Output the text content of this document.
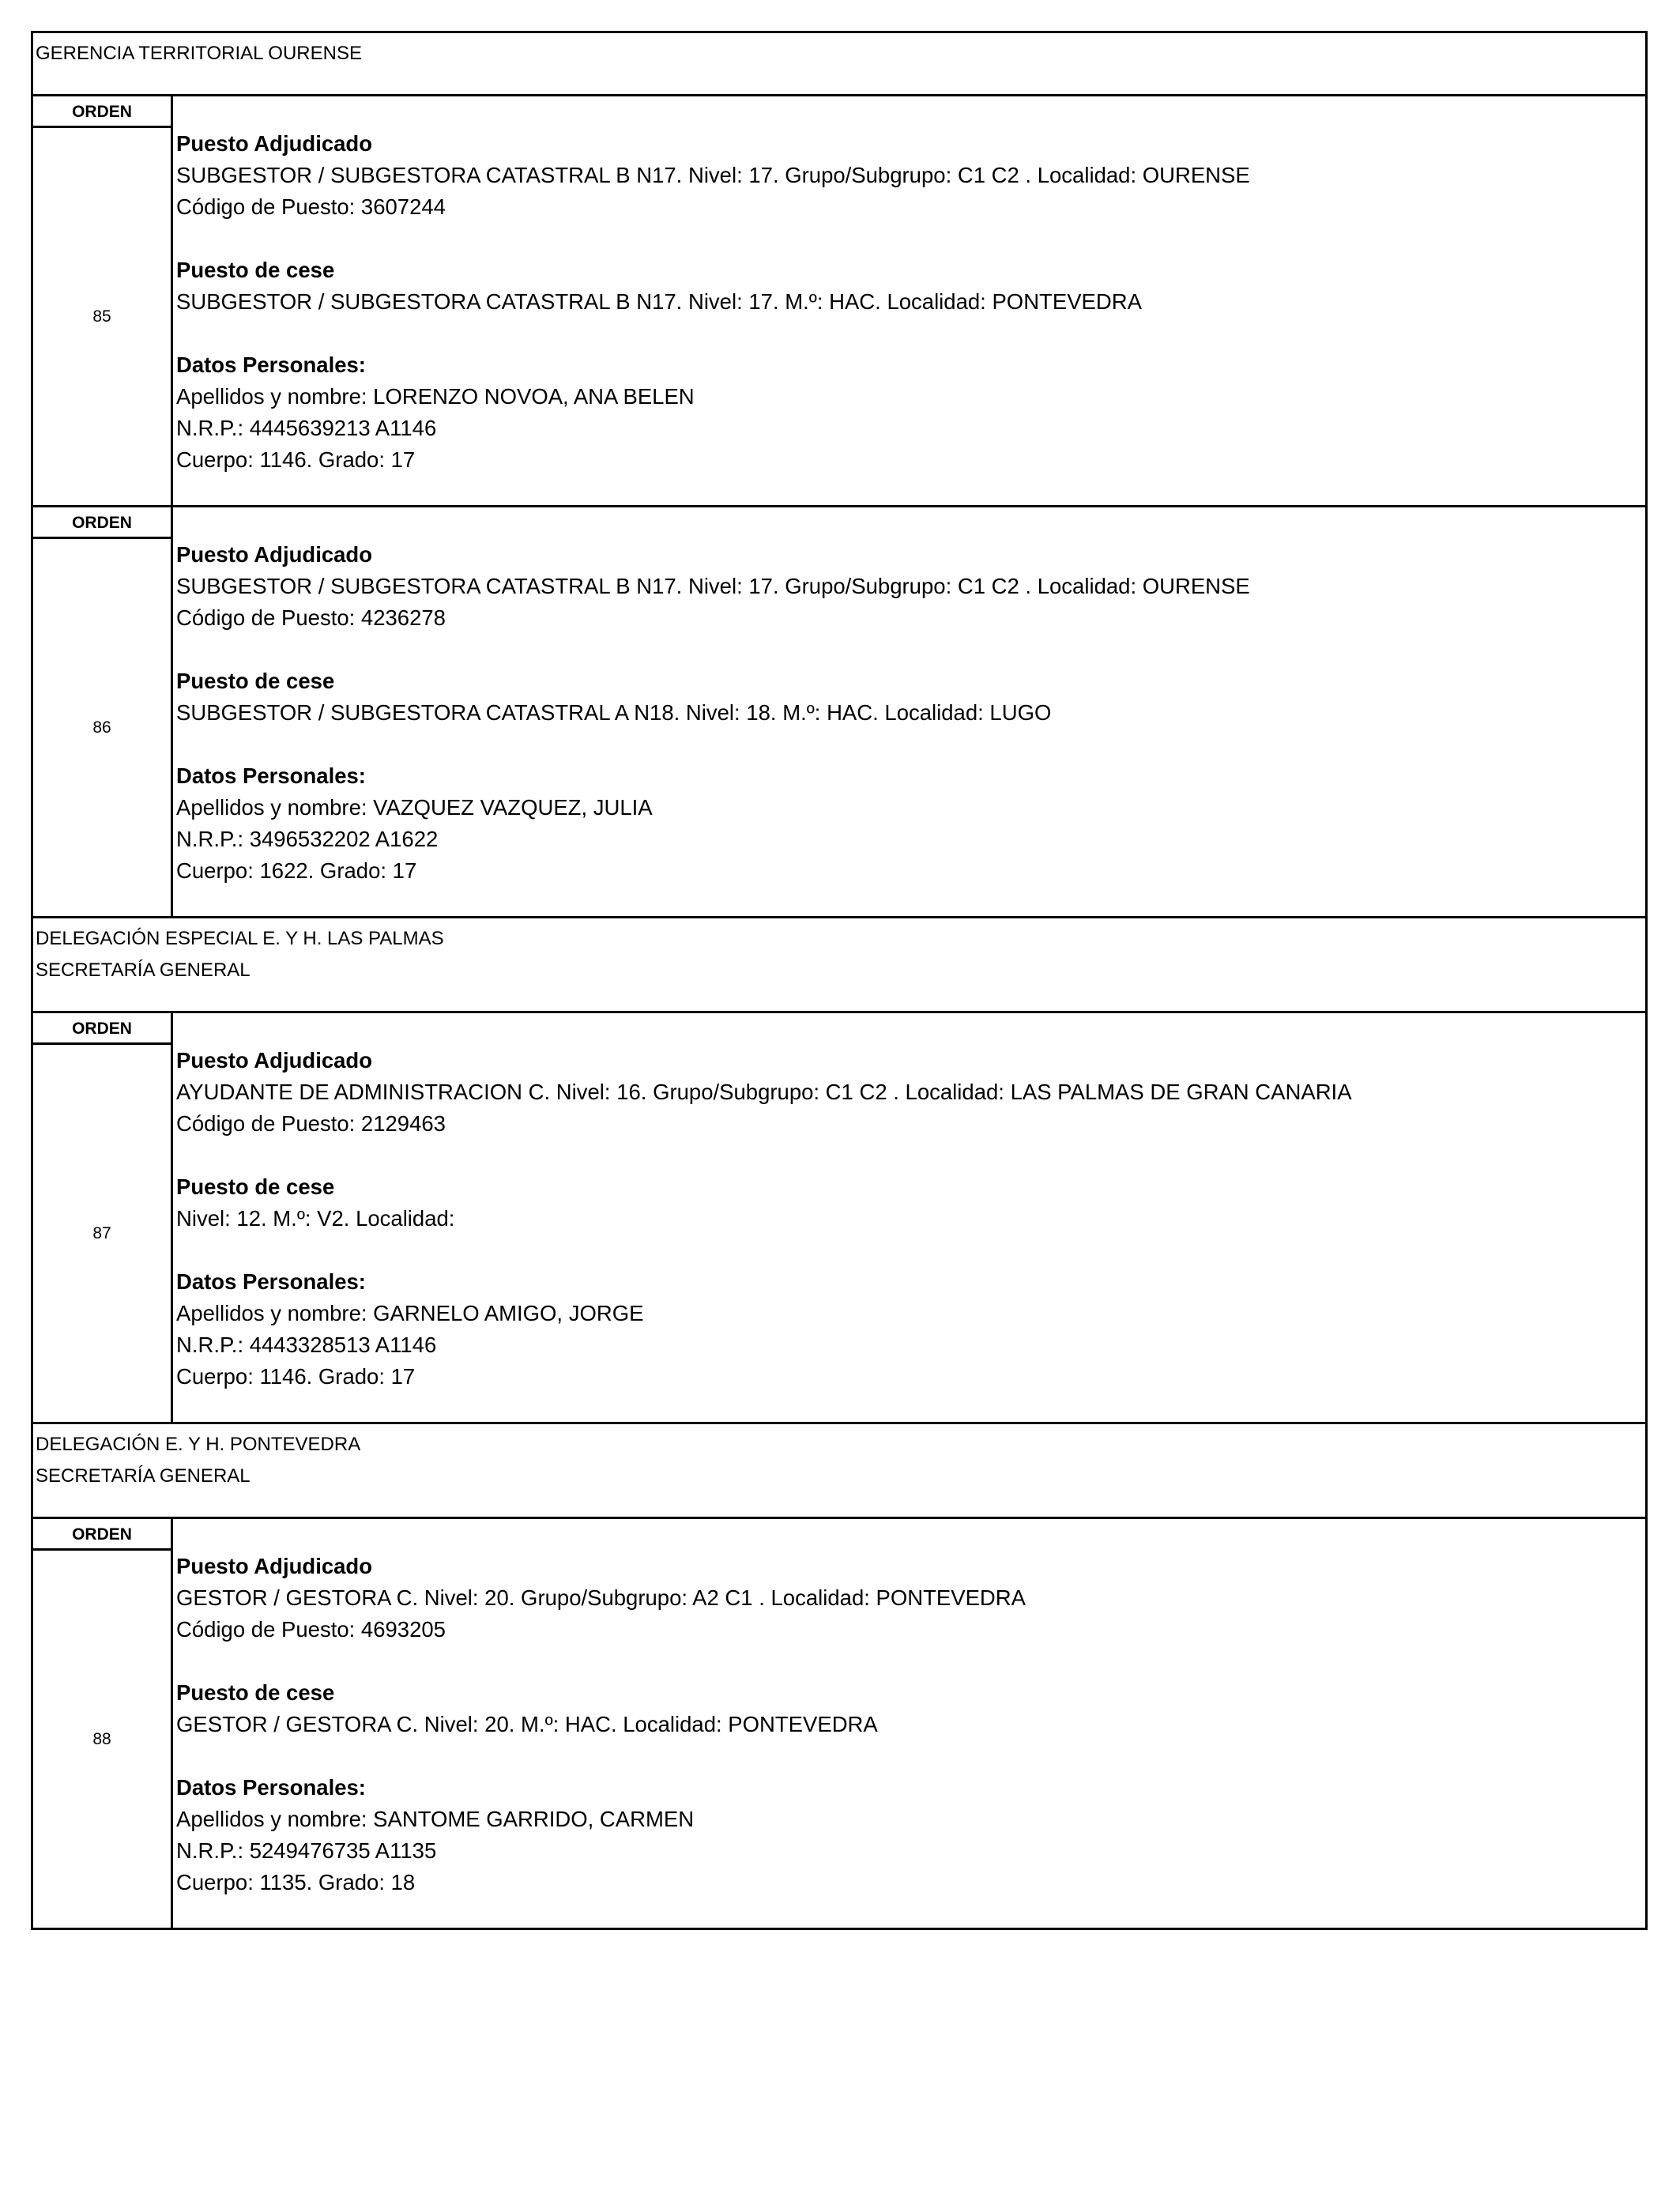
GERENCIA TERRITORIAL OURENSE
ORDEN
85
Puesto Adjudicado
SUBGESTOR / SUBGESTORA CATASTRAL B N17. Nivel: 17. Grupo/Subgrupo: C1 C2 . Localidad: OURENSE
Código de Puesto: 3607244
Puesto de cese
SUBGESTOR / SUBGESTORA CATASTRAL B N17. Nivel: 17. M.º: HAC. Localidad: PONTEVEDRA
Datos Personales:
Apellidos y nombre: LORENZO NOVOA, ANA BELEN
N.R.P.: 4445639213 A1146
Cuerpo: 1146. Grado: 17
ORDEN
86
Puesto Adjudicado
SUBGESTOR / SUBGESTORA CATASTRAL B N17. Nivel: 17. Grupo/Subgrupo: C1 C2 . Localidad: OURENSE
Código de Puesto: 4236278
Puesto de cese
SUBGESTOR / SUBGESTORA CATASTRAL A N18. Nivel: 18. M.º: HAC. Localidad: LUGO
Datos Personales:
Apellidos y nombre: VAZQUEZ VAZQUEZ, JULIA
N.R.P.: 3496532202 A1622
Cuerpo: 1622. Grado: 17
DELEGACIÓN ESPECIAL E. Y H. LAS PALMAS
SECRETARÍA GENERAL
ORDEN
87
Puesto Adjudicado
AYUDANTE DE ADMINISTRACION C. Nivel: 16. Grupo/Subgrupo: C1 C2 . Localidad: LAS PALMAS DE GRAN CANARIA
Código de Puesto: 2129463
Puesto de cese
Nivel: 12. M.º: V2. Localidad:
Datos Personales:
Apellidos y nombre: GARNELO AMIGO, JORGE
N.R.P.: 4443328513 A1146
Cuerpo: 1146. Grado: 17
DELEGACIÓN E. Y H. PONTEVEDRA
SECRETARÍA GENERAL
ORDEN
88
Puesto Adjudicado
GESTOR / GESTORA C. Nivel: 20. Grupo/Subgrupo: A2 C1 . Localidad: PONTEVEDRA
Código de Puesto: 4693205
Puesto de cese
GESTOR / GESTORA C. Nivel: 20. M.º: HAC. Localidad: PONTEVEDRA
Datos Personales:
Apellidos y nombre: SANTOME GARRIDO, CARMEN
N.R.P.: 5249476735 A1135
Cuerpo: 1135. Grado: 18
